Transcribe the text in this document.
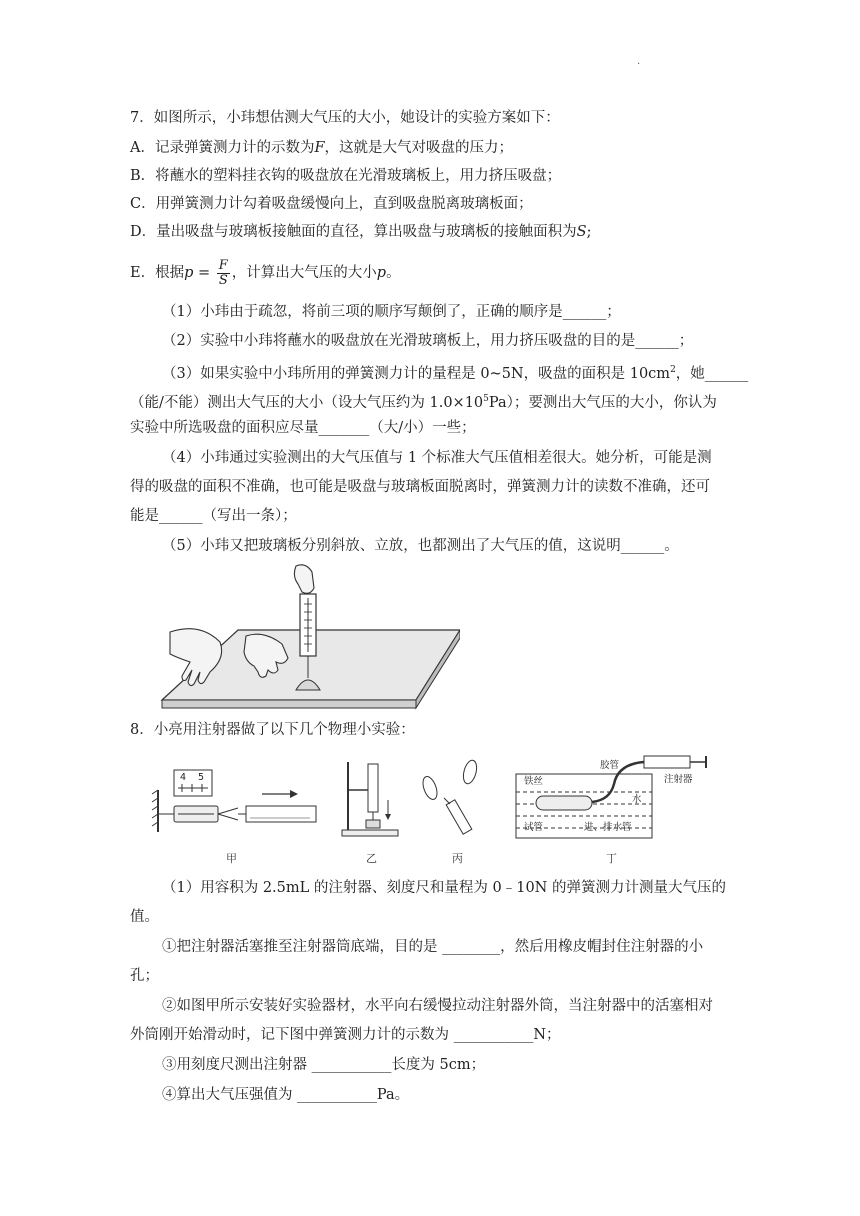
.
7．如图所示，小玮想估测大气压的大小，她设计的实验方案如下：
A．记录弹簧测力计的示数为F，这就是大气对吸盘的压力；
B．将蘸水的塑料挂衣钩的吸盘放在光滑玻璃板上，用力挤压吸盘；
C．用弹簧测力计勾着吸盘缓慢向上，直到吸盘脱离玻璃板面；
D．量出吸盘与玻璃板接触面的直径，算出吸盘与玻璃板的接触面积为S;
E．根据$p = \frac{F}{S}$ ，计算出大气压的大小p。
（1）小玮由于疏忽，将前三项的顺序写颠倒了，正确的顺序是______；
（2）实验中小玮将蘸水的吸盘放在光滑玻璃板上，用力挤压吸盘的目的是______；
（3）如果实验中小玮所用的弹簧测力计的量程是 0~5N，吸盘的面积是 $10cm^2$，她______
（能/不能）测出大气压的大小（设大气压约为 $1.0\times 10^5Pa$）；要测出大气压的大小，你认为
实验中所选吸盘的面积应尽量_______（大/小）一些；
（4）小玮通过实验测出的大气压值与 1 个标准大气压值相差很大。她分析，可能是测
得的吸盘的面积不准确，也可能是吸盘与玻璃板面脱离时，弹簧测力计的读数不准确，还可
能是______（写出一条）；
（5）小玮又把玻璃板分别斜放、立放，也都测出了大气压的值，这说明______。
8．小亮用注射器做了以下几个物理小实验：
4 5
甲	乙	丙
胶管
注射器
铁丝
水
试管	进、排水管
丁
（1）用容积为 2.5mL 的注射器、刻度尺和量程为 0﹣10N 的弹簧测力计测量大气压的
值。
①把注射器活塞推至注射器筒底端，目的是 ________，然后用橡皮帽封住注射器的小
孔；
②如图甲所示安装好实验器材，水平向右缓慢拉动注射器外筒，当注射器中的活塞相对
外筒刚开始滑动时，记下图中弹簧测力计的示数为 ___________N；
③用刻度尺测出注射器 ___________长度为 5cm；
④算出大气压强值为 ___________Pa。
